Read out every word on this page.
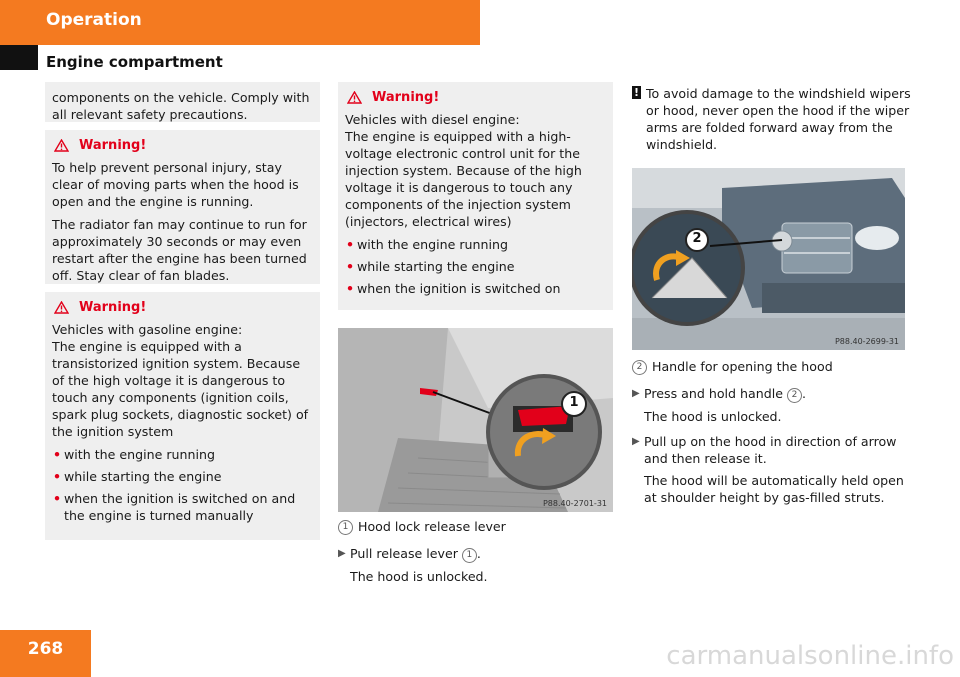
Operation
Engine compartment

components on the vehicle. Comply with all relevant safety precautions.

Warning!

To help prevent personal injury, stay clear of moving parts when the hood is open and the engine is running.

The radiator fan may continue to run for approximately 30 seconds or may even restart after the engine has been turned off. Stay clear of fan blades.

Warning!

Vehicles with gasoline engine:

The engine is equipped with a transistorized ignition system. Because of the high voltage it is dangerous to touch any components (ignition coils, spark plug sockets, diagnostic socket) of the ignition system

• with the engine running
• while starting the engine
• when the ignition is switched on and the engine is turned manually
Warning!

Vehicles with diesel engine:

The engine is equipped with a high-voltage electronic control unit for the injection system. Because of the high voltage it is dangerous to touch any components of the injection system (injectors, electrical wires)

• with the engine running
• while starting the engine
• when the ignition is switched on
P88.40-2701-31
1

1 Hood lock release lever

▶ Pull release lever 1 .

The hood is unlocked.

! To avoid damage to the windshield wipers or hood, never open the hood if the wiper arms are folded forward away from the windshield.

P88.40-2699-31
2

2 Handle for opening the hood

▶ Press and hold handle 2 .

The hood is unlocked.

▶ Pull up on the hood in direction of arrow and then release it.

The hood will be automatically held open at shoulder height by gas-filled struts.

268	carmanualsonline.info
